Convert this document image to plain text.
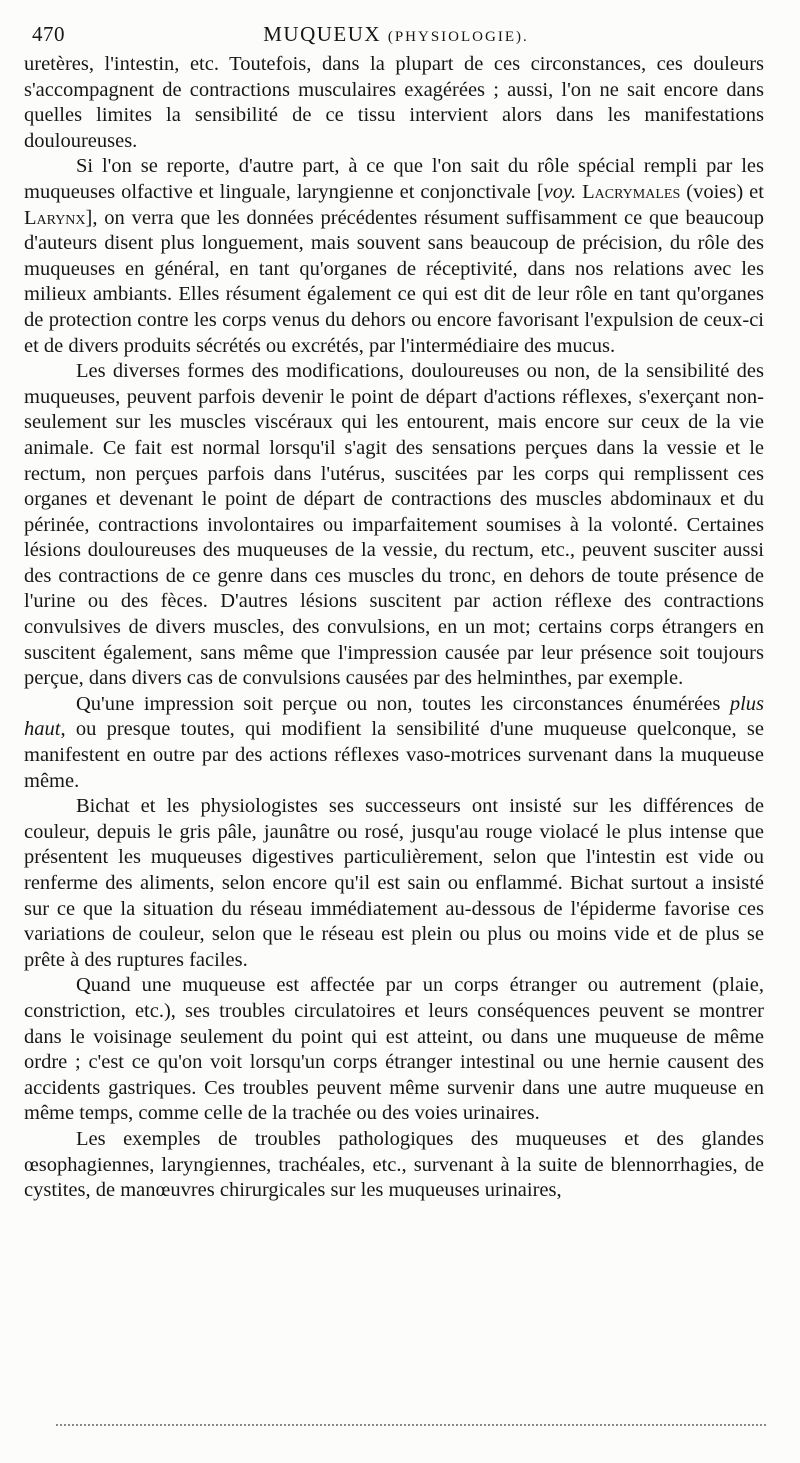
470	MUQUEUX (PHYSIOLOGIE).

uretères, l'intestin, etc. Toutefois, dans la plupart de ces circonstances, ces douleurs s'accompagnent de contractions musculaires exagérées ; aussi, l'on ne sait encore dans quelles limites la sensibilité de ce tissu intervient alors dans les manifestations douloureuses.

Si l'on se reporte, d'autre part, à ce que l'on sait du rôle spécial rempli par les muqueuses olfactive et linguale, laryngienne et conjonctivale [voy. Lacrymales (voies) et Larynx], on verra que les données précédentes résument suffisamment ce que beaucoup d'auteurs disent plus longuement, mais souvent sans beaucoup de précision, du rôle des muqueuses en général, en tant qu'organes de réceptivité, dans nos relations avec les milieux ambiants. Elles résument également ce qui est dit de leur rôle en tant qu'organes de protection contre les corps venus du dehors ou encore favorisant l'expulsion de ceux-ci et de divers produits sécrétés ou excrétés, par l'intermédiaire des mucus.

Les diverses formes des modifications, douloureuses ou non, de la sensibilité des muqueuses, peuvent parfois devenir le point de départ d'actions réflexes, s'exerçant non-seulement sur les muscles viscéraux qui les entourent, mais encore sur ceux de la vie animale. Ce fait est normal lorsqu'il s'agit des sensations perçues dans la vessie et le rectum, non perçues parfois dans l'utérus, suscitées par les corps qui remplissent ces organes et devenant le point de départ de contractions des muscles abdominaux et du périnée, contractions involontaires ou imparfaitement soumises à la volonté. Certaines lésions douloureuses des muqueuses de la vessie, du rectum, etc., peuvent susciter aussi des contractions de ce genre dans ces muscles du tronc, en dehors de toute présence de l'urine ou des fèces. D'autres lésions suscitent par action réflexe des contractions convulsives de divers muscles, des convulsions, en un mot; certains corps étrangers en suscitent également, sans même que l'impression causée par leur présence soit toujours perçue, dans divers cas de convulsions causées par des helminthes, par exemple.

Qu'une impression soit perçue ou non, toutes les circonstances énumérées plus haut, ou presque toutes, qui modifient la sensibilité d'une muqueuse quelconque, se manifestent en outre par des actions réflexes vaso-motrices survenant dans la muqueuse même.

Bichat et les physiologistes ses successeurs ont insisté sur les différences de couleur, depuis le gris pâle, jaunâtre ou rosé, jusqu'au rouge violacé le plus intense que présentent les muqueuses digestives particulièrement, selon que l'intestin est vide ou renferme des aliments, selon encore qu'il est sain ou enflammé. Bichat surtout a insisté sur ce que la situation du réseau immédiatement au-dessous de l'épiderme favorise ces variations de couleur, selon que le réseau est plein ou plus ou moins vide et de plus se prête à des ruptures faciles.

Quand une muqueuse est affectée par un corps étranger ou autrement (plaie, constriction, etc.), ses troubles circulatoires et leurs conséquences peuvent se montrer dans le voisinage seulement du point qui est atteint, ou dans une muqueuse de même ordre ; c'est ce qu'on voit lorsqu'un corps étranger intestinal ou une hernie causent des accidents gastriques. Ces troubles peuvent même survenir dans une autre muqueuse en même temps, comme celle de la trachée ou des voies urinaires.

Les exemples de troubles pathologiques des muqueuses et des glandes œsophagiennes, laryngiennes, trachéales, etc., survenant à la suite de blennorrhagies, de cystites, de manœuvres chirurgicales sur les muqueuses urinaires,
